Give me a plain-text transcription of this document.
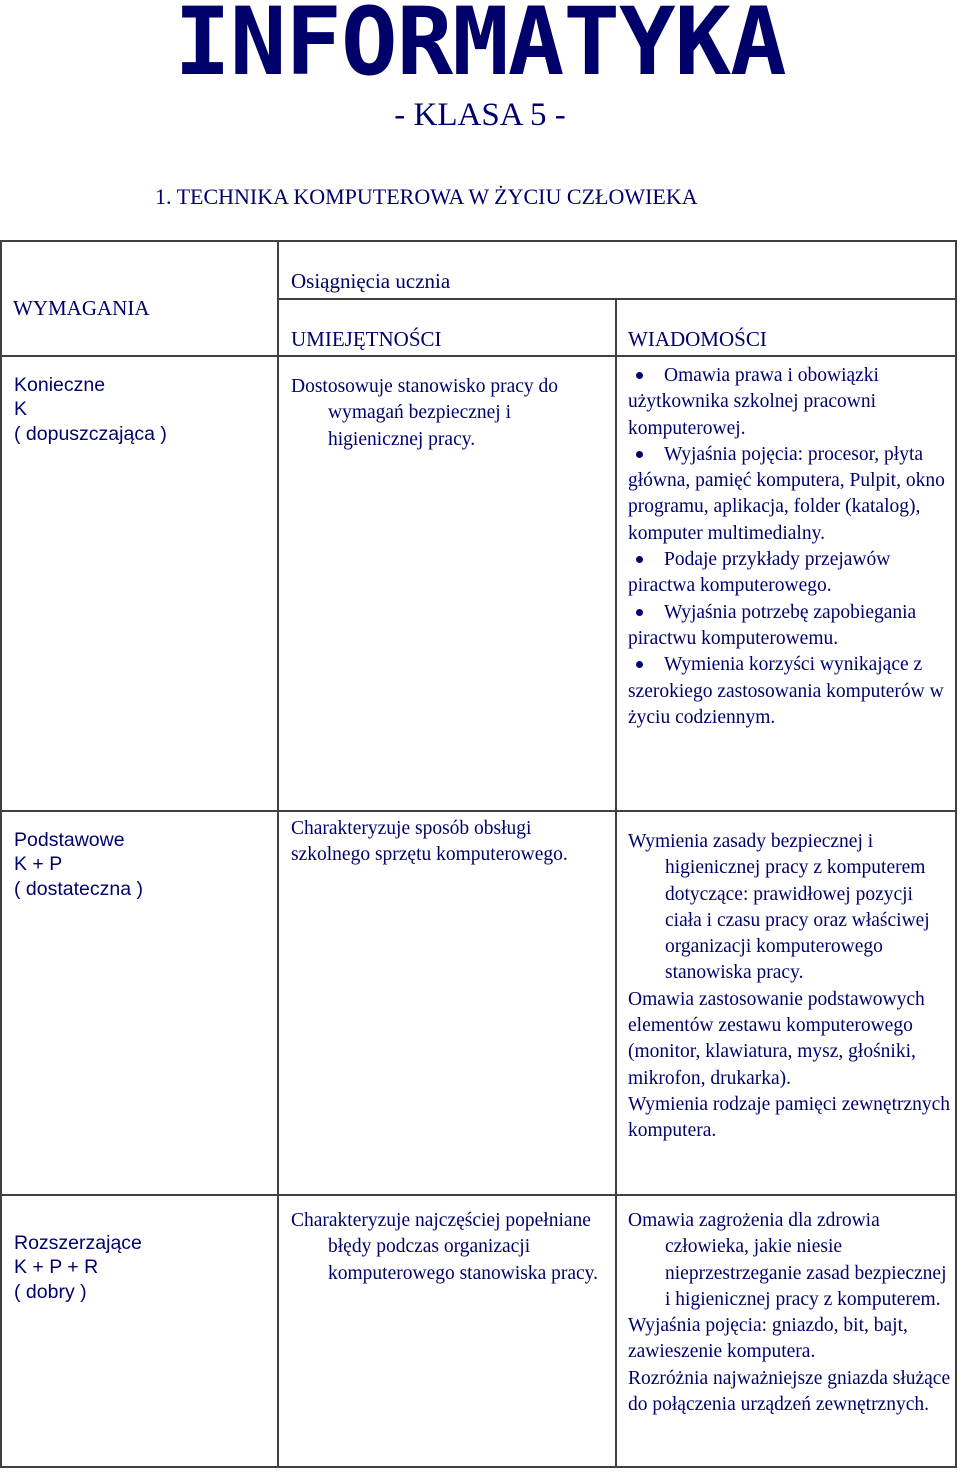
INFORMATYKA
- KLASA 5 -
1. TECHNIKA KOMPUTEROWA W ŻYCIU CZŁOWIEKA
WYMAGANIA
Osiągnięcia ucznia
UMIEJĘTNOŚCI	WIADOMOŚCI
Konieczne
K
( dopuszczająca )

Dostosowuje stanowisko pracy do wymagań bezpiecznej i higienicznej pracy.

Omawia prawa i obowiązki użytkownika szkolnej pracowni komputerowej.

Wyjaśnia pojęcia: procesor, płyta główna, pamięć komputera, Pulpit, okno programu, aplikacja, folder (katalog), komputer multimedialny.

Podaje przykłady przejawów piractwa komputerowego.

Wyjaśnia potrzebę zapobiegania piractwu komputerowemu.

Wymienia korzyści wynikające z szerokiego zastosowania komputerów w życiu codziennym.

Podstawowe
K + P
( dostateczna )

Charakteryzuje sposób obsługi szkolnego sprzętu komputerowego.

Wymienia zasady bezpiecznej i higienicznej pracy z komputerem dotyczące: prawidłowej pozycji ciała i czasu pracy oraz właściwej organizacji komputerowego stanowiska pracy.

Omawia zastosowanie podstawowych elementów zestawu komputerowego (monitor, klawiatura, mysz, głośniki, mikrofon, drukarka).

Wymienia rodzaje pamięci zewnętrznych komputera.

Rozszerzające
K + P + R
( dobry )

Charakteryzuje najczęściej popełniane błędy podczas organizacji komputerowego stanowiska pracy.

Omawia zagrożenia dla zdrowia człowieka, jakie niesie nieprzestrzeganie zasad bezpiecznej i higienicznej pracy z komputerem.

Wyjaśnia pojęcia: gniazdo, bit, bajt, zawieszenie komputera.

Rozróżnia najważniejsze gniazda służące do połączenia urządzeń zewnętrznych.
